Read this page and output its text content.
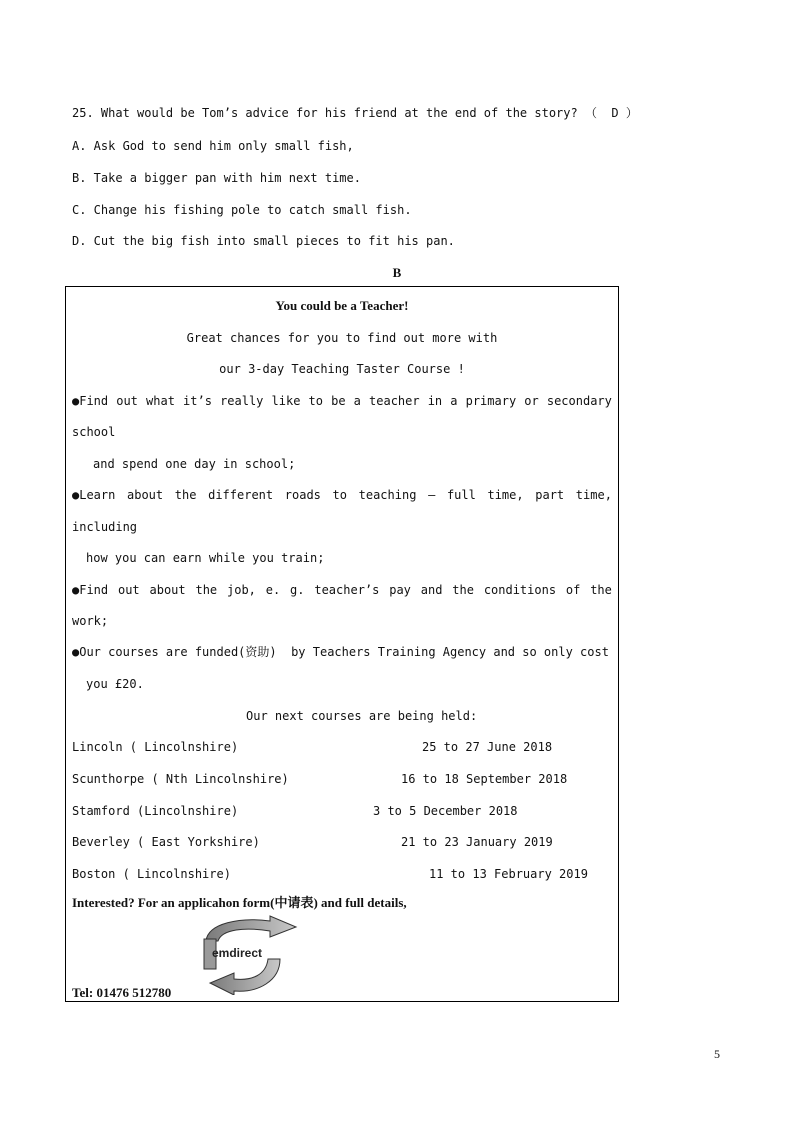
25. What would be Tom’s advice for his friend at the end of the story? （  D ）
A. Ask God to send him only small fish,
B. Take a bigger pan with him next time.
C. Change his fishing pole to catch small fish.
D. Cut the big fish into small pieces to fit his pan.
B
You could be a Teacher!
Great chances for you to find out more with
our 3-day Teaching Taster Course !
●Find out what it’s really like to be a teacher in a primary or secondary
school
and spend one day in school;
●Learn about the different roads to teaching – full time, part time,
including
how you can earn while you train;
●Find out about the job, e. g. teacher’s pay and the conditions of the
work;
●Our courses are funded(资助)  by Teachers Training Agency and so only cost
you £20.
Our next courses are being held:
Lincoln ( Lincolnshire)	25 to 27 June 2018
Scunthorpe ( Nth Lincolnshire)	16 to 18 September 2018
Stamford (Lincolnshire)	3 to 5 December 2018
Beverley ( East Yorkshire)	21 to 23 January 2019
Boston ( Lincolnshire)	11 to 13 February 2019
Interested? For an applicahon form(中请表) and full details,
emdirect
Tel: 01476 512780
5
